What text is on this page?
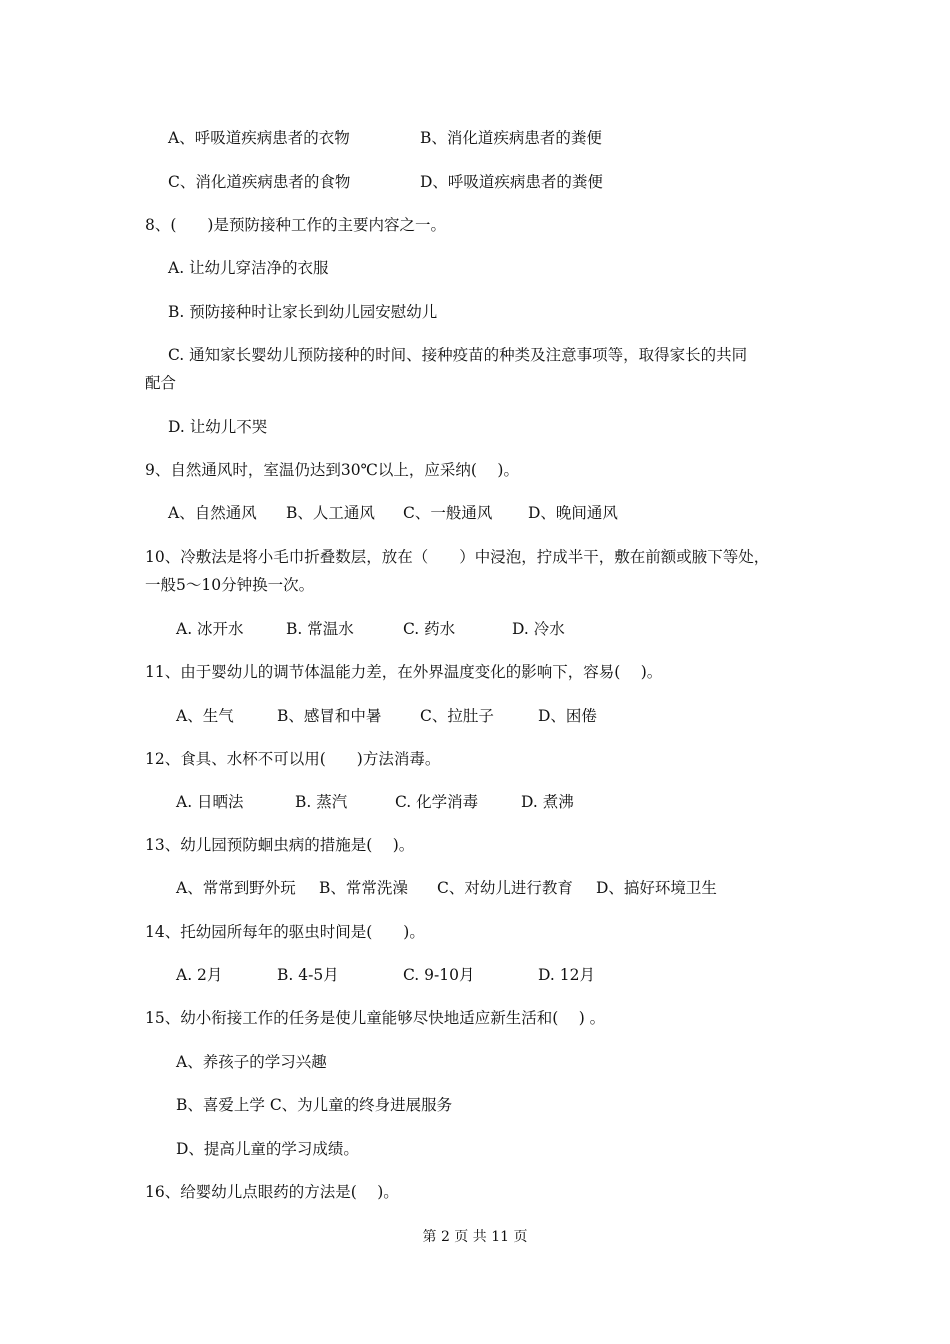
A、呼吸道疾病患者的衣物	B、消化道疾病患者的粪便
C、消化道疾病患者的食物	D、呼吸道疾病患者的粪便
8、(　　)是预防接种工作的主要内容之一。
A. 让幼儿穿洁净的衣服
B. 预防接种时让家长到幼儿园安慰幼儿
C. 通知家长婴幼儿预防接种的时间、接种疫苗的种类及注意事项等，取得家长的共同
配合
D. 让幼儿不哭
9、自然通风时，室温仍达到30℃以上，应采纳(　 )。
A、自然通风 B、人工通风 C、一般通风 D、晚间通风
10、冷敷法是将小毛巾折叠数层，放在（　　）中浸泡，拧成半干，敷在前额或腋下等处，
一般5～10分钟换一次。
A. 冰开水	B. 常温水	C. 药水	D. 冷水
11、由于婴幼儿的调节体温能力差，在外界温度变化的影响下，容易(　 )。
A、生气	B、感冒和中暑 C、拉肚子	D、困倦
12、食具、水杯不可以用(　　)方法消毒。
A. 日晒法	B. 蒸汽	C. 化学消毒	D. 煮沸
13、幼儿园预防蛔虫病的措施是(　 )。
A、常常到野外玩 B、常常洗澡 C、对幼儿进行教育 D、搞好环境卫生
14、托幼园所每年的驱虫时间是(　　)。
A. 2月	B. 4-5月	C. 9-10月	D. 12月
15、幼小衔接工作的任务是使儿童能够尽快地适应新生活和(　 ) 。
A、养孩子的学习兴趣
B、喜爱上学 C、为儿童的终身进展服务
D、提高儿童的学习成绩。
16、给婴幼儿点眼药的方法是(　 )。
第 2 页 共 11 页
